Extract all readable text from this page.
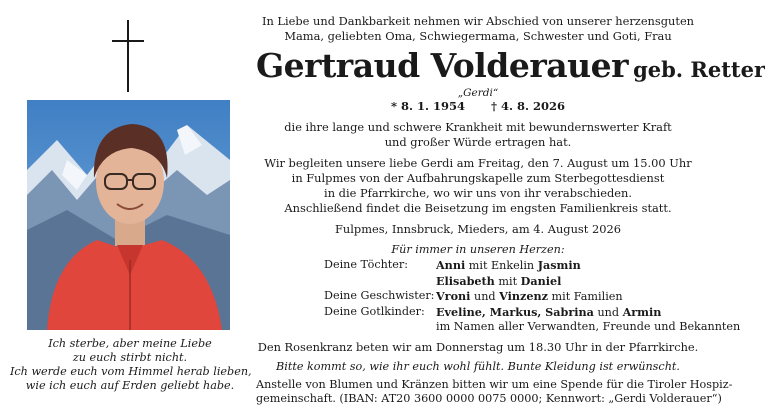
Ich sterbe, aber meine Liebe
zu euch stirbt nicht.
Ich werde euch vom Himmel herab lieben,
wie ich euch auf Erden geliebt habe.
In Liebe und Dankbarkeit nehmen wir Abschied von unserer herzensguten
Mama, geliebten Oma, Schwiegermama, Schwester und Goti, Frau
Gertraud Volderauer geb. Retter
„Gerdi“
* 8. 1. 1954 † 4. 8. 2026
die ihre lange und schwere Krankheit mit bewundernswerter Kraft
und großer Würde ertragen hat.
Wir begleiten unsere liebe Gerdi am Freitag, den 7. August um 15.00 Uhr
in Fulpmes von der Aufbahrungskapelle zum Sterbegottesdienst
in die Pfarrkirche, wo wir uns von ihr verabschieden.
Anschließend findet die Beisetzung im engsten Familienkreis statt.
Fulpmes, Innsbruck, Mieders, am 4. August 2026
Für immer in unseren Herzen:
Deine Töchter:	Anni mit Enkelin Jasmin
Elisabeth mit Daniel
Deine Geschwister: Vroni und Vinzenz mit Familien
Deine Gotlkinder:	Eveline, Markus, Sabrina und Armin
im Namen aller Verwandten, Freunde und Bekannten
Den Rosenkranz beten wir am Donnerstag um 18.30 Uhr in der Pfarrkirche.
Bitte kommt so, wie ihr euch wohl fühlt. Bunte Kleidung ist erwünscht.
Anstelle von Blumen und Kränzen bitten wir um eine Spende für die Tiroler Hospiz-
gemeinschaft. (IBAN: AT20 3600 0000 0075 0000; Kennwort: „Gerdi Volderauer“)
